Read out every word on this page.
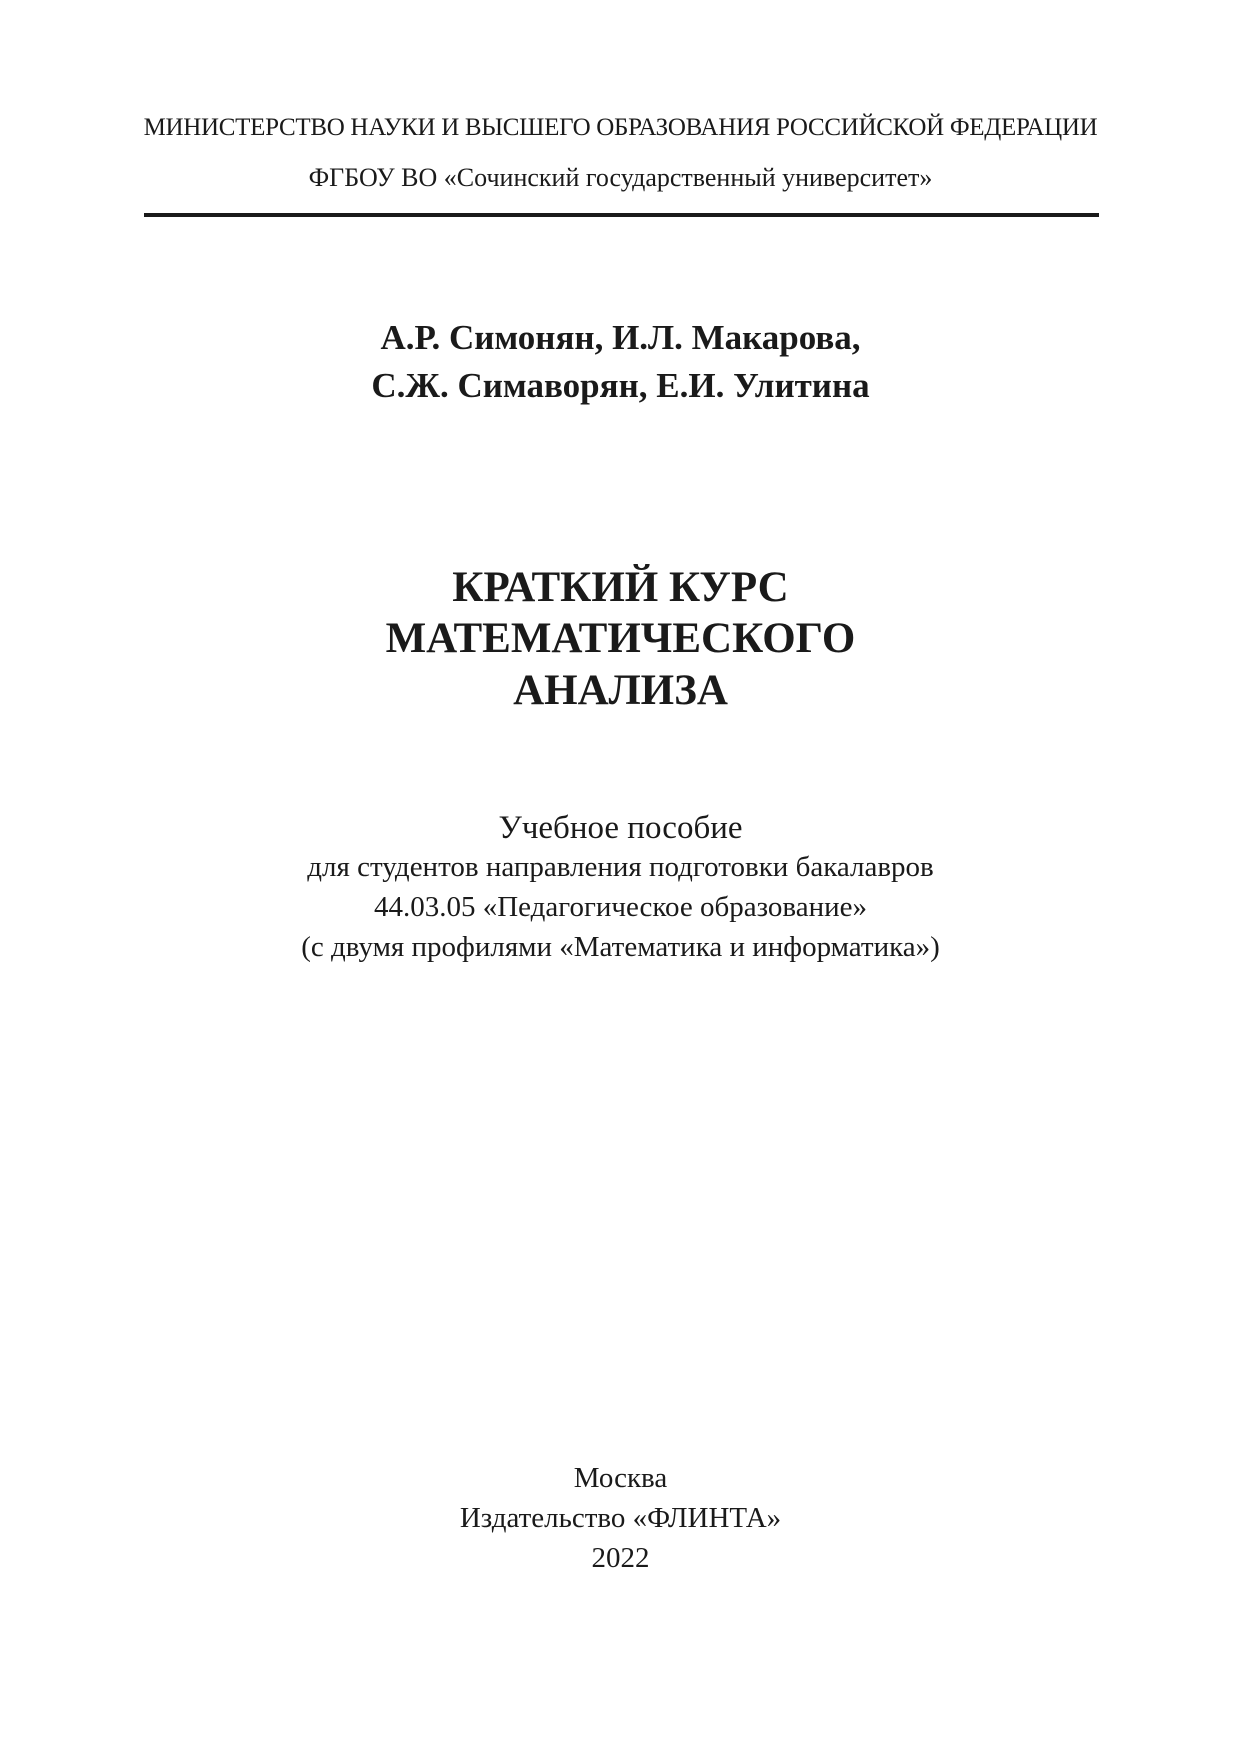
МИНИСТЕРСТВО НАУКИ И ВЫСШЕГО ОБРАЗОВАНИЯ РОССИЙСКОЙ ФЕДЕРАЦИИ
ФГБОУ ВО «Сочинский государственный университет»
А.Р. Симонян, И.Л. Макарова,
С.Ж. Симаворян, Е.И. Улитина
КРАТКИЙ КУРС
МАТЕМАТИЧЕСКОГО
АНАЛИЗА
Учебное пособие
для студентов направления подготовки бакалавров
44.03.05 «Педагогическое образование»
(с двумя профилями «Математика и информатика»)
Москва
Издательство «ФЛИНТА»
2022
